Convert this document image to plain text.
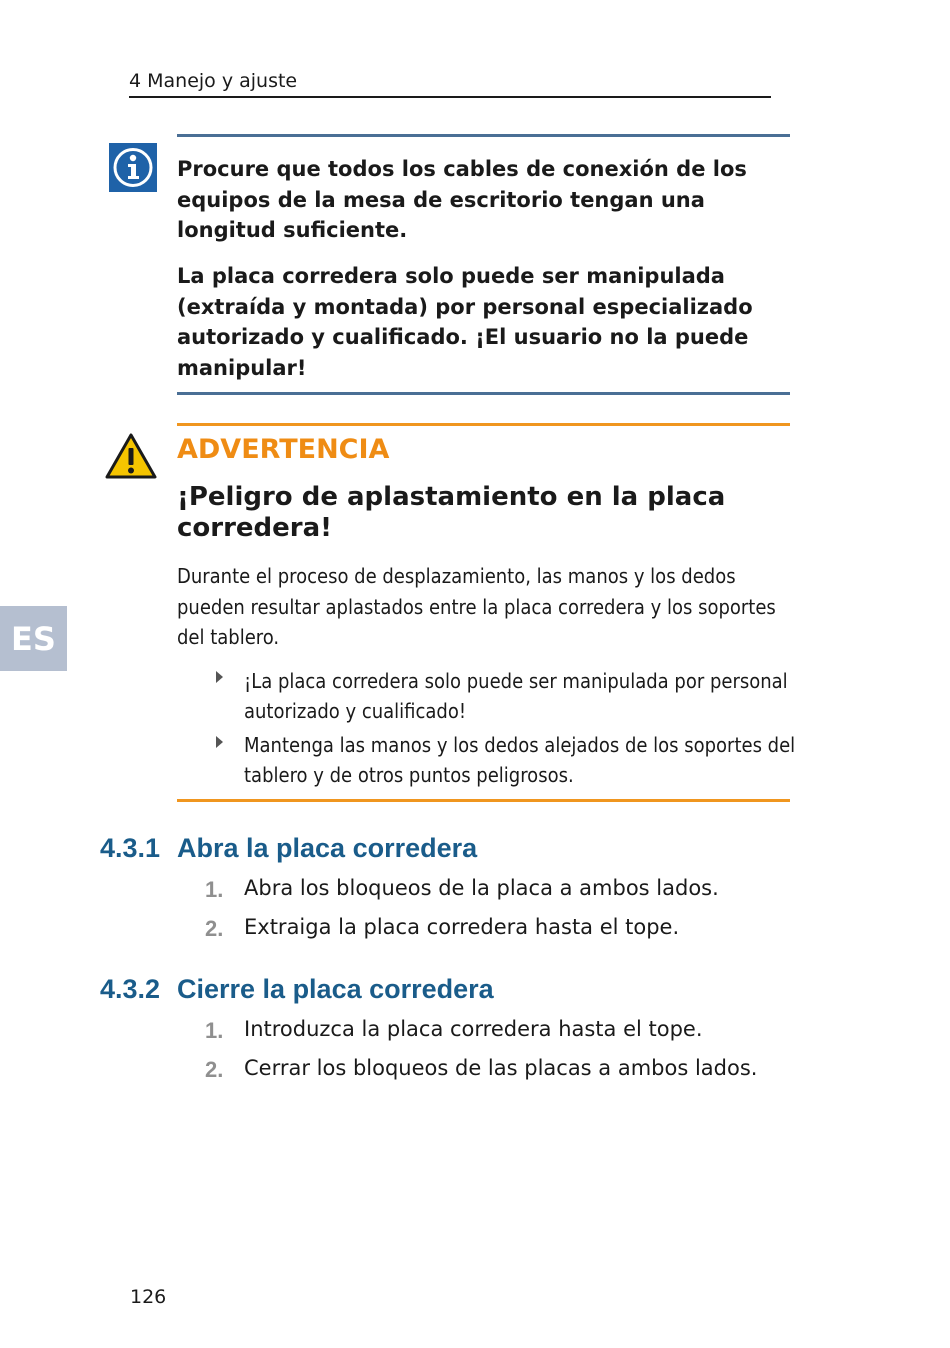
4 Manejo y ajuste
ES
Procure que todos los cables de conexión de los equipos de la mesa de escritorio tengan una longitud suficiente.
La placa corredera solo puede ser manipulada (extraída y montada) por personal especializado autorizado y cualificado. ¡El usuario no la puede manipular!
ADVERTENCIA
¡Peligro de aplastamiento en la placa corredera!
Durante el proceso de desplazamiento, las manos y los dedos pueden resultar aplastados entre la placa corredera y los soportes del tablero.
¡La placa corredera solo puede ser manipulada por personal autorizado y cualificado!
Mantenga las manos y los dedos alejados de los soportes del tablero y de otros puntos peligrosos.
4.3.1 Abra la placa corredera
1. Abra los bloqueos de la placa a ambos lados.
2. Extraiga la placa corredera hasta el tope.
4.3.2 Cierre la placa corredera
1. Introduzca la placa corredera hasta el tope.
2. Cerrar los bloqueos de las placas a ambos lados.
126
